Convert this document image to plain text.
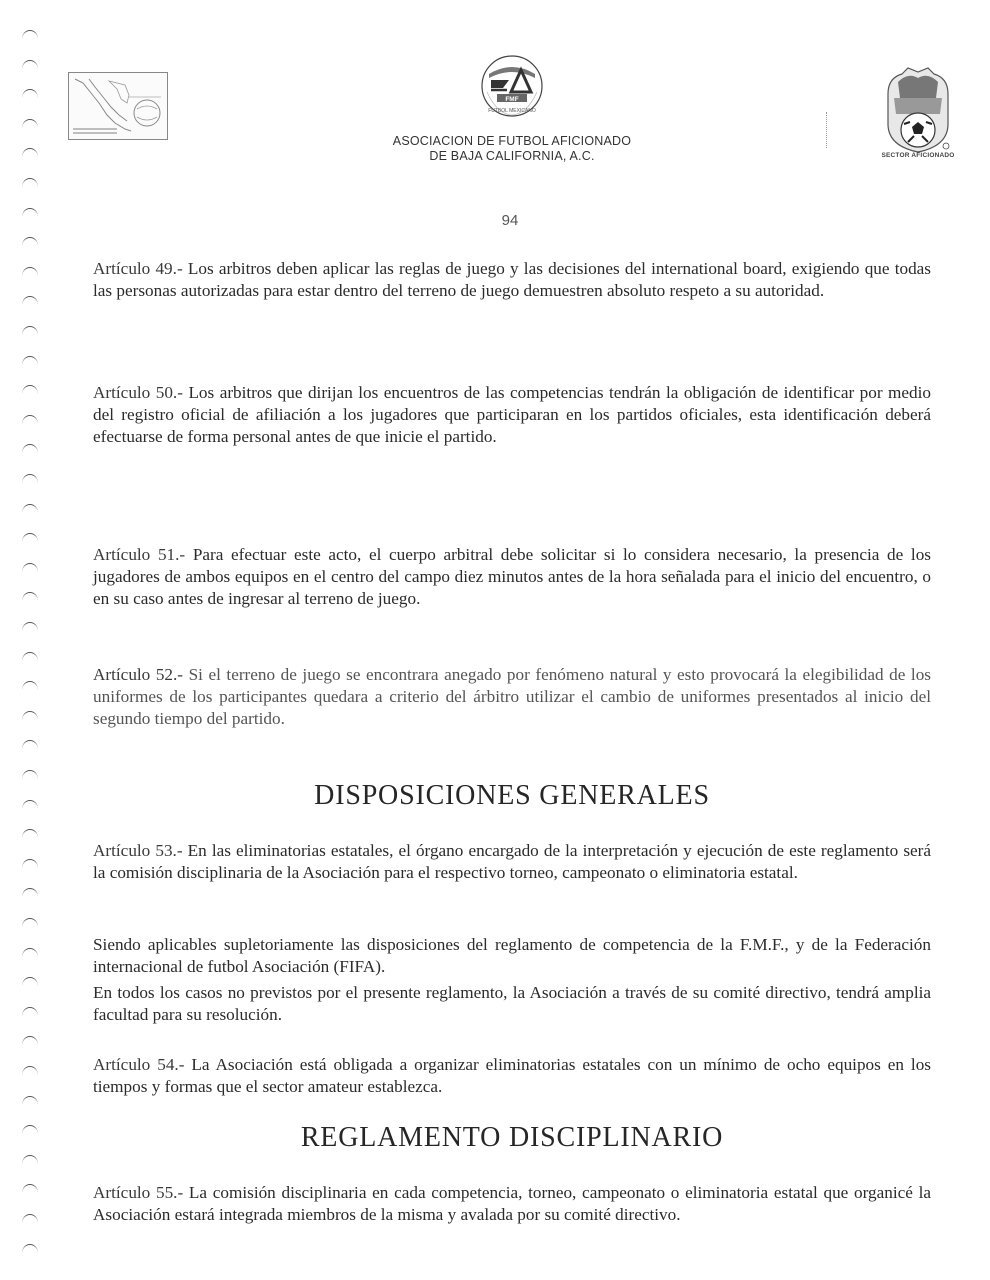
FMF
FUTBOL MEXICANO
ASOCIACION DE FUTBOL AFICIONADO
DE BAJA CALIFORNIA, A.C.	SECTOR AFICIONADO
94

Artículo 49.- Los arbitros deben aplicar las reglas de juego y las decisiones del international board, exigiendo que todas las personas autorizadas para estar dentro del terreno de juego demuestren absoluto respeto a su autoridad.

Artículo 50.- Los arbitros que dirijan los encuentros de las competencias tendrán la obligación de identificar por medio del registro oficial de afiliación a los jugadores que participaran en los partidos oficiales, esta identificación deberá efectuarse de forma personal antes de que inicie el partido.

Artículo 51.- Para efectuar este acto, el cuerpo arbitral debe solicitar si lo considera necesario, la presencia de los jugadores de ambos equipos en el centro del campo diez minutos antes de la hora señalada para el inicio del encuentro, o en su caso antes de ingresar al terreno de juego.

Artículo 52.- Si el terreno de juego se encontrara anegado por fenómeno natural y esto provocará la elegibilidad de los uniformes de los participantes quedara a criterio del árbitro utilizar el cambio de uniformes presentados al inicio del segundo tiempo del partido.

DISPOSICIONES GENERALES

Artículo 53.- En las eliminatorias estatales, el órgano encargado de la interpretación y ejecución de este reglamento será la comisión disciplinaria de la Asociación para el respectivo torneo, campeonato o eliminatoria estatal.

Siendo aplicables supletoriamente las disposiciones del reglamento de competencia de la F.M.F., y de la Federación internacional de futbol Asociación (FIFA).

En todos los casos no previstos por el presente reglamento, la Asociación a través de su comité directivo, tendrá amplia facultad para su resolución.

Artículo 54.- La Asociación está obligada a organizar eliminatorias estatales con un mínimo de ocho equipos en los tiempos y formas que el sector amateur establezca.

REGLAMENTO DISCIPLINARIO

Artículo 55.- La comisión disciplinaria en cada competencia, torneo, campeonato o eliminatoria estatal que organicé la Asociación estará integrada miembros de la misma y avalada por su comité directivo.
